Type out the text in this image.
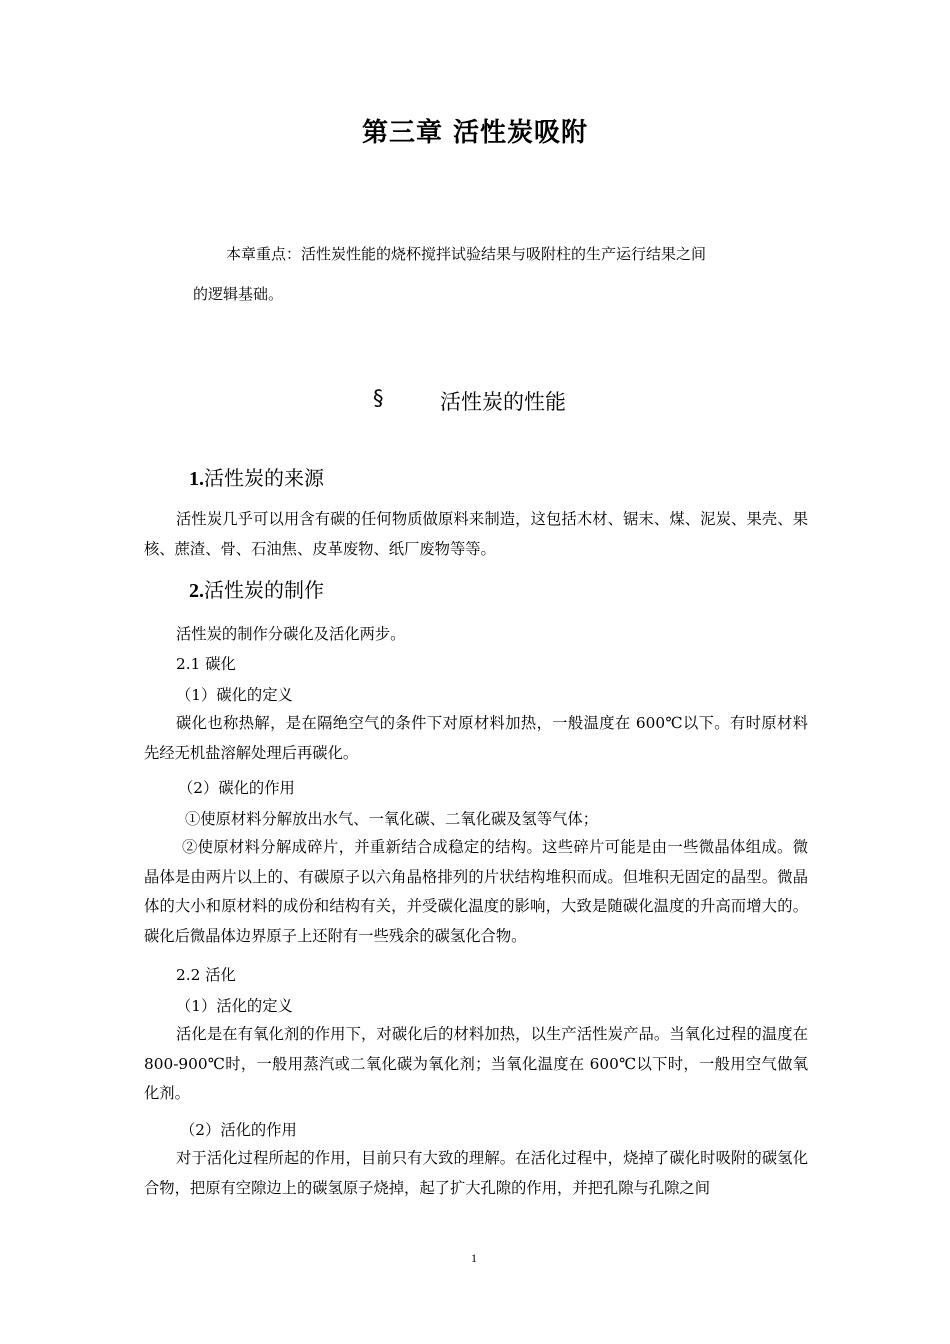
第三章 活性炭吸附
本章重点：活性炭性能的烧杯搅拌试验结果与吸附柱的生产运行结果之间
的逻辑基础。
§	活性炭的性能
1.活性炭的来源
活性炭几乎可以用含有碳的任何物质做原料来制造，这包括木材、锯末、煤、泥炭、果壳、果核、蔗渣、骨、石油焦、皮革废物、纸厂废物等等。
2.活性炭的制作
活性炭的制作分碳化及活化两步。
2.1 碳化
（1）碳化的定义
碳化也称热解，是在隔绝空气的条件下对原材料加热，一般温度在 600℃以下。有时原材料先经无机盐溶解处理后再碳化。
（2）碳化的作用
①使原材料分解放出水气、一氧化碳、二氧化碳及氢等气体；
②使原材料分解成碎片，并重新结合成稳定的结构。这些碎片可能是由一些微晶体组成。微晶体是由两片以上的、有碳原子以六角晶格排列的片状结构堆积而成。但堆积无固定的晶型。微晶体的大小和原材料的成份和结构有关，并受碳化温度的影响，大致是随碳化温度的升高而增大的。碳化后微晶体边界原子上还附有一些残余的碳氢化合物。
2.2 活化
（1）活化的定义
活化是在有氧化剂的作用下，对碳化后的材料加热，以生产活性炭产品。当氧化过程的温度在 800-900℃时，一般用蒸汽或二氧化碳为氧化剂；当氧化温度在 600℃以下时，一般用空气做氧化剂。
（2）活化的作用
对于活化过程所起的作用，目前只有大致的理解。在活化过程中，烧掉了碳化时吸附的碳氢化合物，把原有空隙边上的碳氢原子烧掉，起了扩大孔隙的作用，并把孔隙与孔隙之间
1
